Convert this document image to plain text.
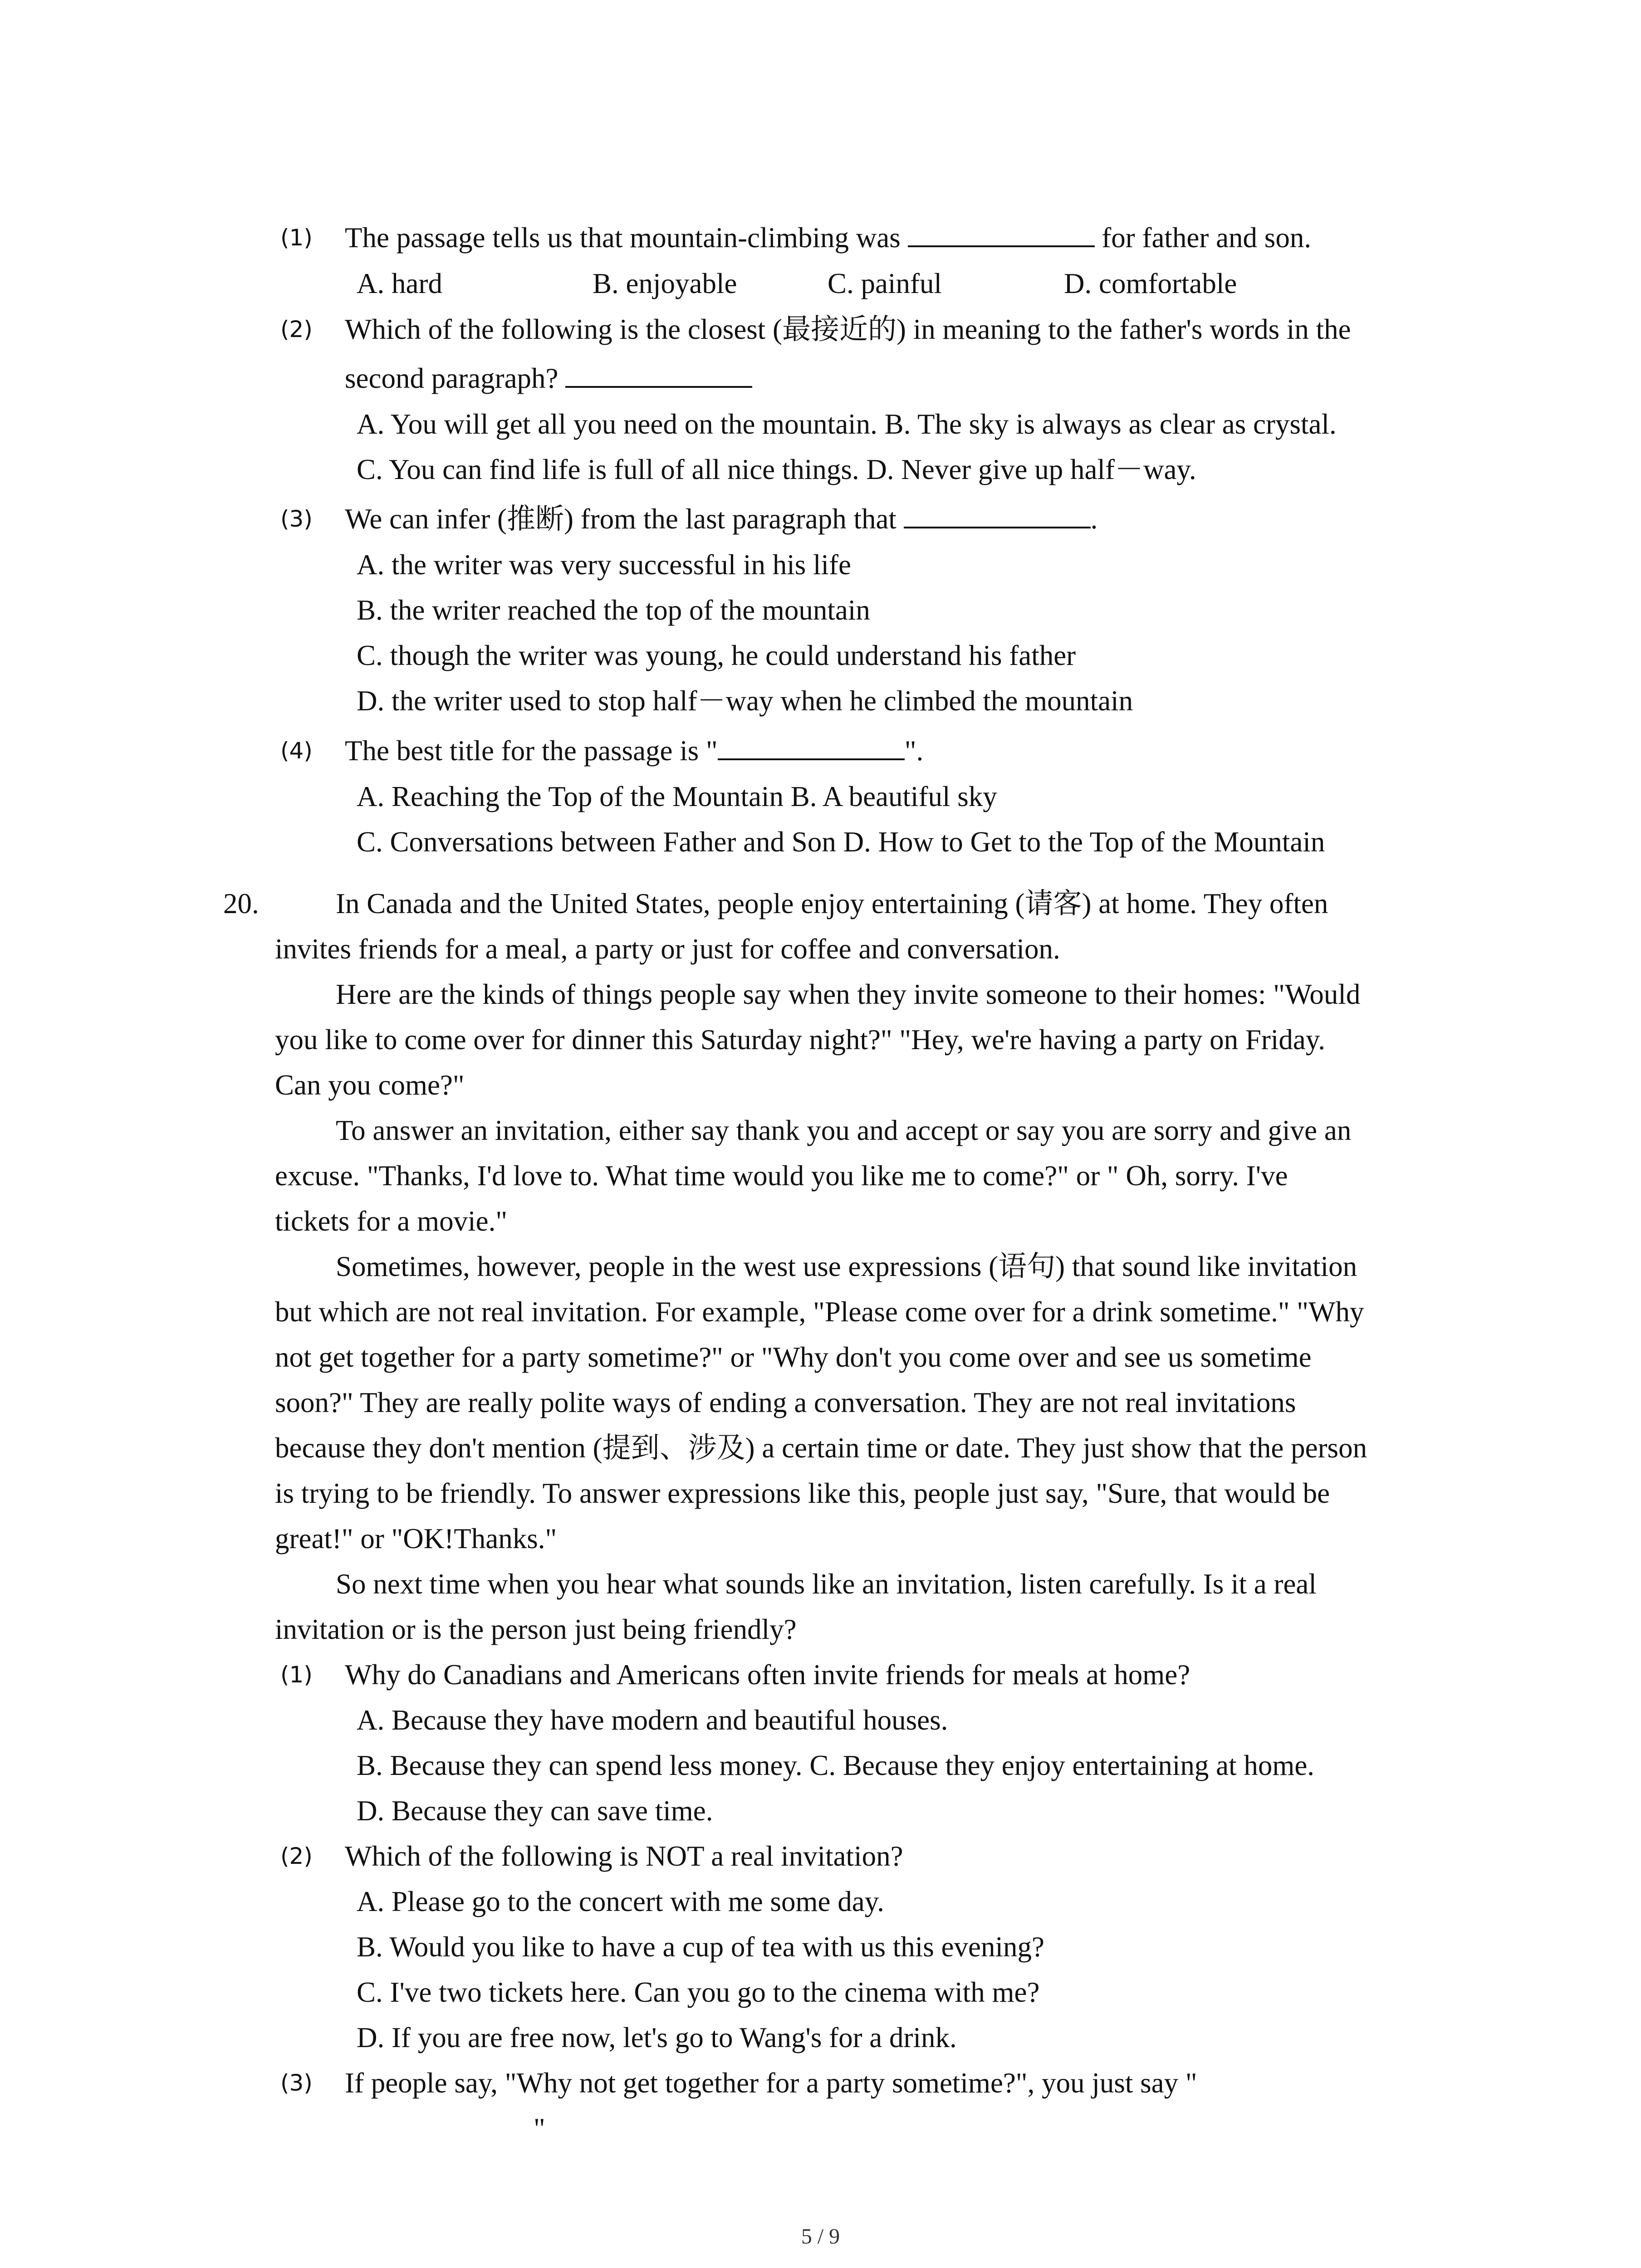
(1) The passage tells us that mountain-climbing was	for father and son.
A. hard	B. enjoyable	C. painful	D. comfortable
(2) Which of the following is the closest (最接近的) in meaning to the father's words in the
second paragraph?
A. You will get all you need on the mountain. B. The sky is always as clear as crystal.
C. You can find life is full of all nice things. D. Never give up half－way.
(3) We can infer (推断) from the last paragraph that	.
A. the writer was very successful in his life
B. the writer reached the top of the mountain
C. though the writer was young, he could understand his father
D. the writer used to stop half－way when he climbed the mountain
(4) The best title for the passage is "	".
A. Reaching the Top of the Mountain B. A beautiful sky
C. Conversations between Father and Son D. How to Get to the Top of the Mountain
20.	In Canada and the United States, people enjoy entertaining (请客) at home. They often
invites friends for a meal, a party or just for coffee and conversation.
Here are the kinds of things people say when they invite someone to their homes: "Would
you like to come over for dinner this Saturday night?" "Hey, we're having a party on Friday.
Can you come?"
To answer an invitation, either say thank you and accept or say you are sorry and give an
excuse. "Thanks, I'd love to. What time would you like me to come?" or " Oh, sorry. I've
tickets for a movie."
Sometimes, however, people in the west use expressions (语句) that sound like invitation
but which are not real invitation. For example, "Please come over for a drink sometime." "Why
not get together for a party sometime?" or "Why don't you come over and see us sometime
soon?" They are really polite ways of ending a conversation. They are not real invitations
because they don't mention (提到、涉及) a certain time or date. They just show that the person
is trying to be friendly. To answer expressions like this, people just say, "Sure, that would be
great!" or "OK!Thanks."
So next time when you hear what sounds like an invitation, listen carefully. Is it a real
invitation or is the person just being friendly?
(1) Why do Canadians and Americans often invite friends for meals at home?
A. Because they have modern and beautiful houses.
B. Because they can spend less money. C. Because they enjoy entertaining at home.
D. Because they can save time.
(2) Which of the following is NOT a real invitation?
A. Please go to the concert with me some day.
B. Would you like to have a cup of tea with us this evening?
C. I've two tickets here. Can you go to the cinema with me?
D. If you are free now, let's go to Wang's for a drink.
(3) If people say, "Why not get together for a party sometime?", you just say "
"
5 / 9
